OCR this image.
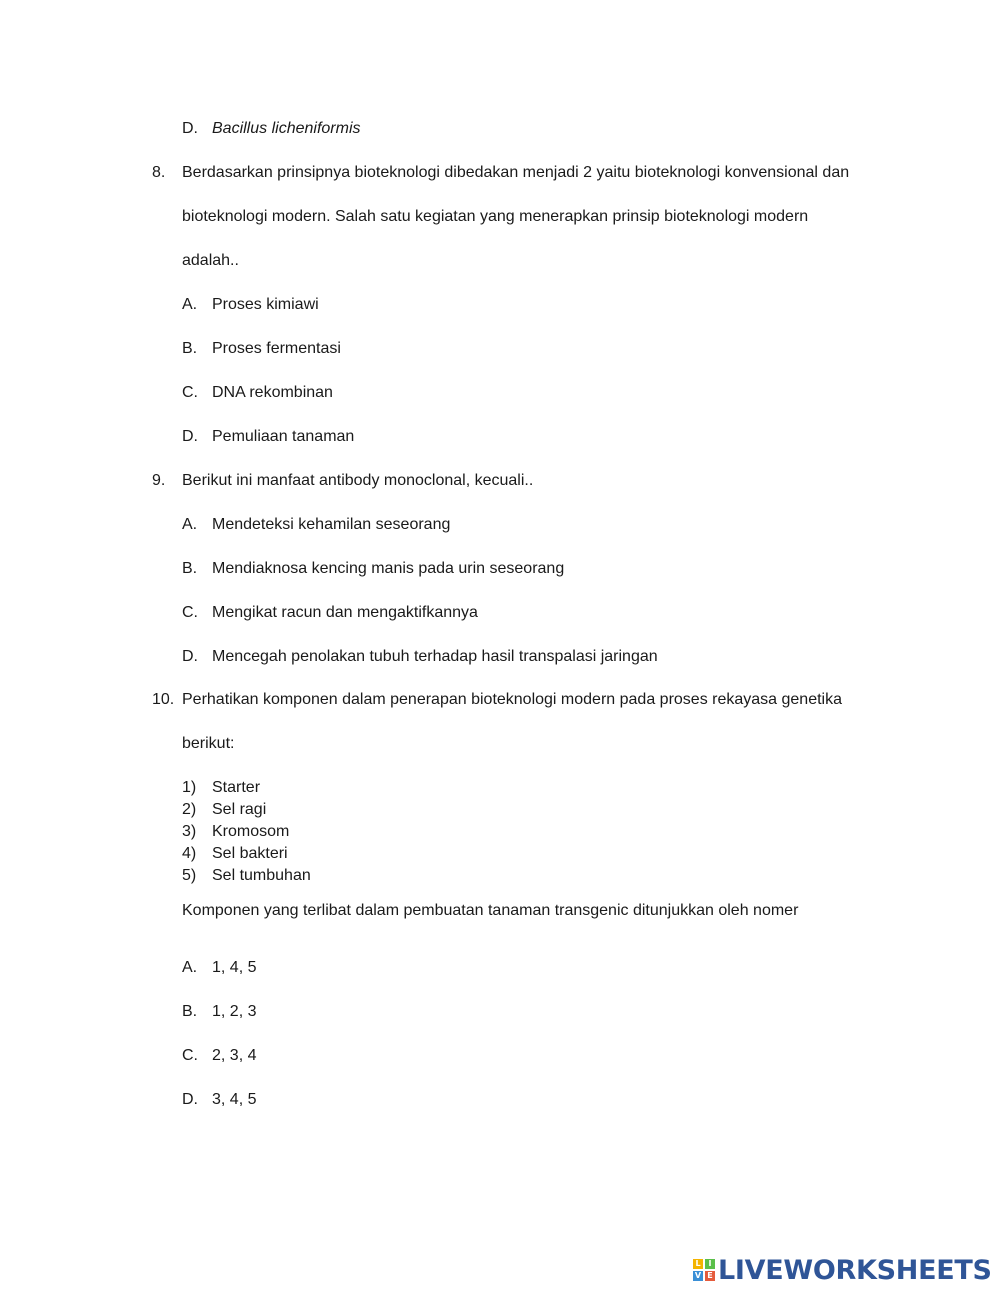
D. Bacillus licheniformis
8. Berdasarkan prinsipnya bioteknologi dibedakan menjadi 2 yaitu bioteknologi konvensional dan
bioteknologi modern. Salah satu kegiatan yang menerapkan prinsip bioteknologi modern
adalah..
A. Proses kimiawi
B. Proses fermentasi
C. DNA rekombinan
D. Pemuliaan tanaman
9. Berikut ini manfaat antibody monoclonal, kecuali..
A. Mendeteksi kehamilan seseorang
B. Mendiaknosa kencing manis pada urin seseorang
C. Mengikat racun dan mengaktifkannya
D. Mencegah penolakan tubuh terhadap hasil transpalasi jaringan
10. Perhatikan komponen dalam penerapan bioteknologi modern pada proses rekayasa genetika
berikut:
1) Starter
2) Sel ragi
3) Kromosom
4) Sel bakteri
5) Sel tumbuhan
Komponen yang terlibat dalam pembuatan tanaman transgenic ditunjukkan oleh nomer
A. 1, 4, 5
B. 1, 2, 3
C. 2, 3, 4
D. 3, 4, 5
L I
V E LIVEWORKSHEETS
